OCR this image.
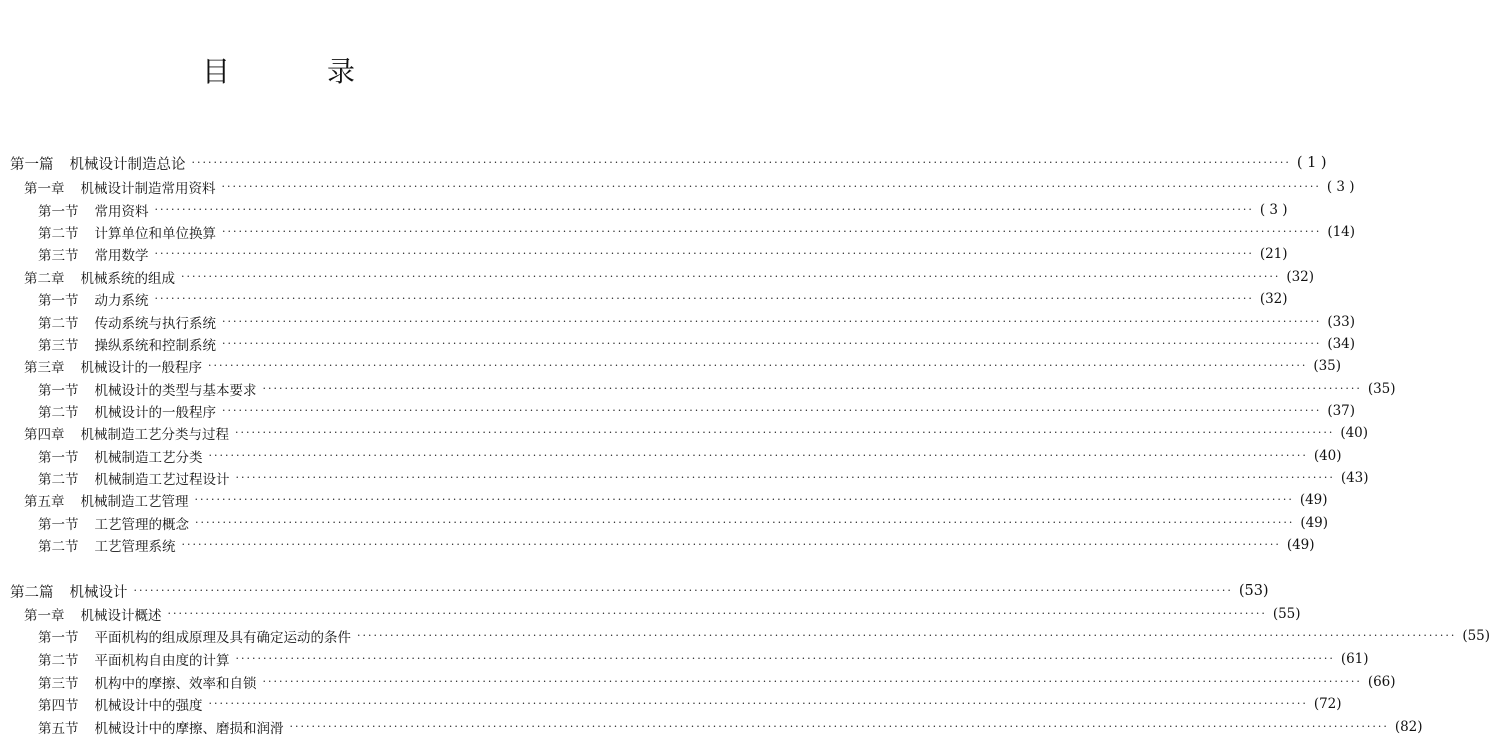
目 录
第一篇 机械设计制造总论 ········································································································································································································ ( 1 )
第一章 机械设计制造常用资料 ········································································································································································································ ( 3 )
第一节 常用资料 ········································································································································································································ ( 3 )
第二节 计算单位和单位换算 ········································································································································································································ (14)
第三节 常用数学 ········································································································································································································ (21)
第二章 机械系统的组成 ········································································································································································································ (32)
第一节 动力系统 ········································································································································································································ (32)
第二节 传动系统与执行系统 ········································································································································································································ (33)
第三节 操纵系统和控制系统 ········································································································································································································ (34)
第三章 机械设计的一般程序 ········································································································································································································ (35)
第一节 机械设计的类型与基本要求 ········································································································································································································ (35)
第二节 机械设计的一般程序 ········································································································································································································ (37)
第四章 机械制造工艺分类与过程 ········································································································································································································ (40)
第一节 机械制造工艺分类 ········································································································································································································ (40)
第二节 机械制造工艺过程设计 ········································································································································································································ (43)
第五章 机械制造工艺管理 ········································································································································································································ (49)
第一节 工艺管理的概念 ········································································································································································································ (49)
第二节 工艺管理系统 ········································································································································································································ (49)
第二篇 机械设计 ········································································································································································································ (53)
第一章 机械设计概述 ········································································································································································································ (55)
第一节 平面机构的组成原理及具有确定运动的条件 ········································································································································································································ (55)
第二节 平面机构自由度的计算 ········································································································································································································ (61)
第三节 机构中的摩擦、效率和自锁 ········································································································································································································ (66)
第四节 机械设计中的强度 ········································································································································································································ (72)
第五节 机械设计中的摩擦、磨损和润滑 ········································································································································································································ (82)
